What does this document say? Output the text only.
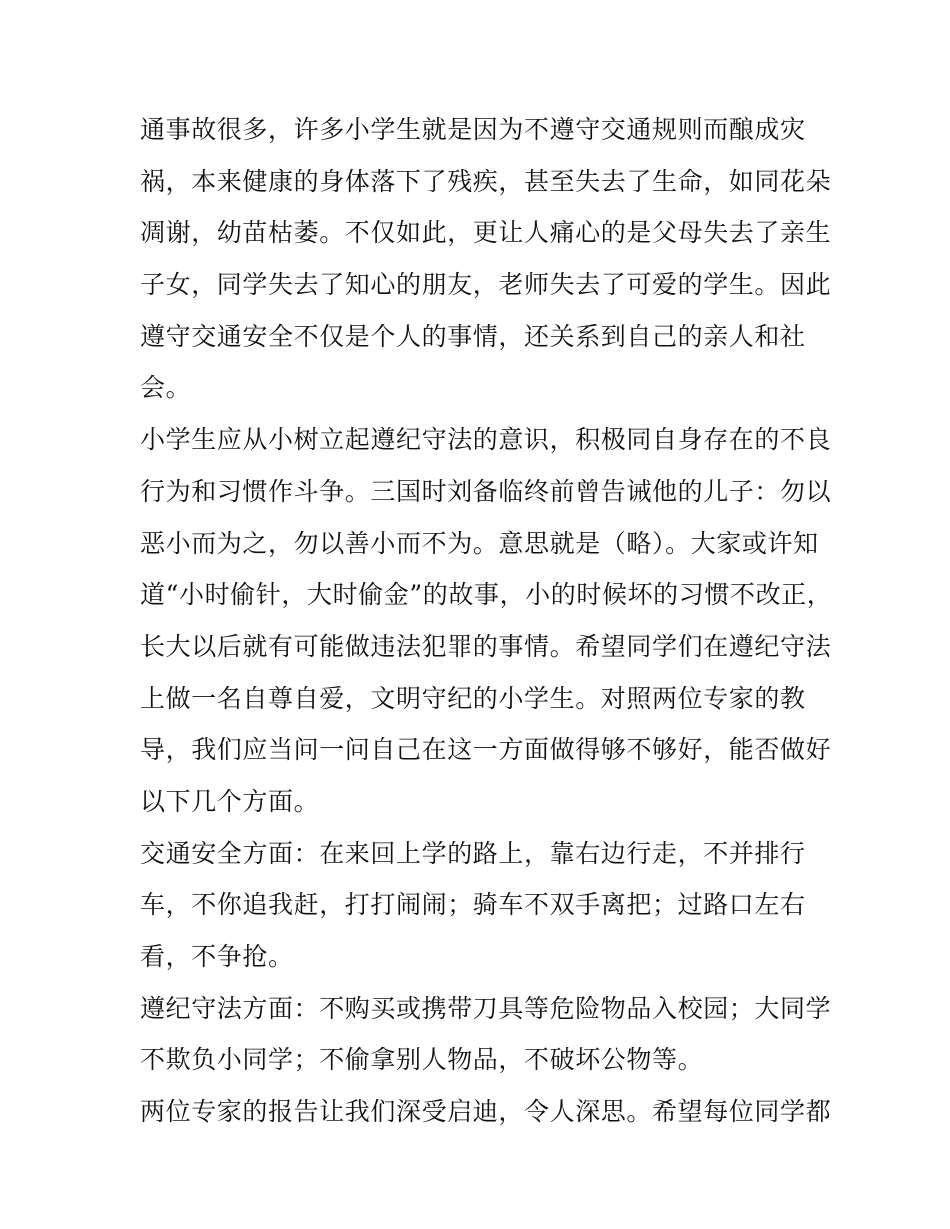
通事故很多，许多小学生就是因为不遵守交通规则而酿成灾
祸，本来健康的身体落下了残疾，甚至失去了生命，如同花朵
凋谢，幼苗枯萎。不仅如此，更让人痛心的是父母失去了亲生
子女，同学失去了知心的朋友，老师失去了可爱的学生。因此
遵守交通安全不仅是个人的事情，还关系到自己的亲人和社
会。
小学生应从小树立起遵纪守法的意识，积极同自身存在的不良
行为和习惯作斗争。三国时刘备临终前曾告诫他的儿子：勿以
恶小而为之，勿以善小而不为。意思就是（略）。大家或许知
道“小时偷针，大时偷金”的故事，小的时候坏的习惯不改正，
长大以后就有可能做违法犯罪的事情。希望同学们在遵纪守法
上做一名自尊自爱，文明守纪的小学生。对照两位专家的教
导，我们应当问一问自己在这一方面做得够不够好，能否做好
以下几个方面。
交通安全方面：在来回上学的路上，靠右边行走，不并排行
车，不你追我赶，打打闹闹；骑车不双手离把；过路口左右
看，不争抢。
遵纪守法方面：不购买或携带刀具等危险物品入校园；大同学
不欺负小同学；不偷拿别人物品，不破坏公物等。
两位专家的报告让我们深受启迪，令人深思。希望每位同学都
